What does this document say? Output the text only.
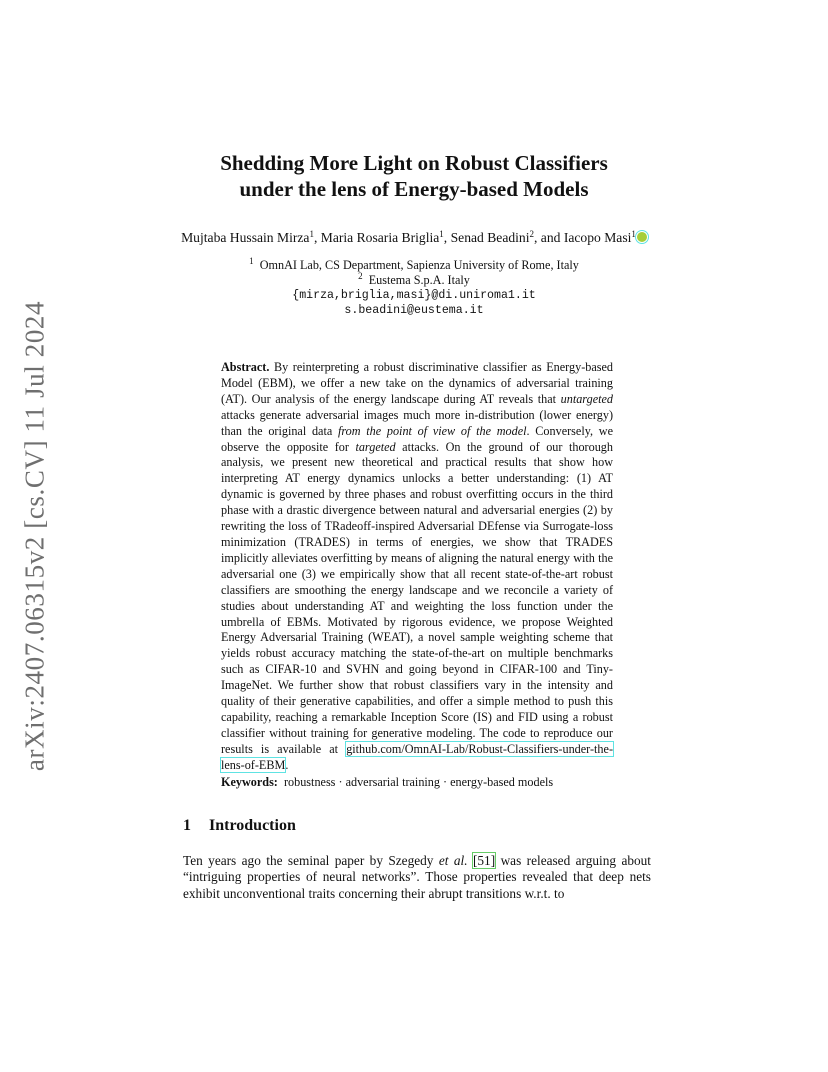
arXiv:2407.06315v2 [cs.CV] 11 Jul 2024
Shedding More Light on Robust Classifiers
under the lens of Energy-based Models
Mujtaba Hussain Mirza$^1$, Maria Rosaria Briglia$^1$, Senad Beadini$^2$, and Iacopo Masi$^1$
$^1$ OmnAI Lab, CS Department, Sapienza University of Rome, Italy
$^2$ Eustema S.p.A. Italy
{mirza,briglia,masi}@di.uniroma1.it
s.beadini@eustema.it
Abstract. By reinterpreting a robust discriminative classifier as Energy-based Model (EBM), we offer a new take on the dynamics of adversarial training (AT). Our analysis of the energy landscape during AT reveals that untargeted attacks generate adversarial images much more in-distribution (lower energy) than the original data from the point of view of the model. Conversely, we observe the opposite for targeted attacks. On the ground of our thorough analysis, we present new theoretical and practical results that show how interpreting AT energy dynamics unlocks a better understanding: (1) AT dynamic is governed by three phases and robust overfitting occurs in the third phase with a drastic divergence between natural and adversarial energies (2) by rewriting the loss of TRadeoff-inspired Adversarial DEfense via Surrogate-loss minimization (TRADES) in terms of energies, we show that TRADES implicitly alleviates overfitting by means of aligning the natural energy with the adversarial one (3) we empirically show that all recent state-of-the-art robust classifiers are smoothing the energy landscape and we reconcile a variety of studies about understanding AT and weighting the loss function under the umbrella of EBMs. Motivated by rigorous evidence, we propose Weighted Energy Adversarial Training (WEAT), a novel sample weighting scheme that yields robust accuracy matching the state-of-the-art on multiple benchmarks such as CIFAR-10 and SVHN and going beyond in CIFAR-100 and Tiny-ImageNet. We further show that robust classifiers vary in the intensity and quality of their generative capabilities, and offer a simple method to push this capability, reaching a remarkable Inception Score (IS) and FID using a robust classifier without training for generative modeling. The code to reproduce our results is available at github.com/OmnAI-Lab/Robust-Classifiers-under-the-lens-of-EBM.
Keywords: robustness · adversarial training · energy-based models
1 Introduction
Ten years ago the seminal paper by Szegedy et al. [51] was released arguing about “intriguing properties of neural networks”. Those properties revealed that deep nets exhibit unconventional traits concerning their abrupt transitions w.r.t. to
